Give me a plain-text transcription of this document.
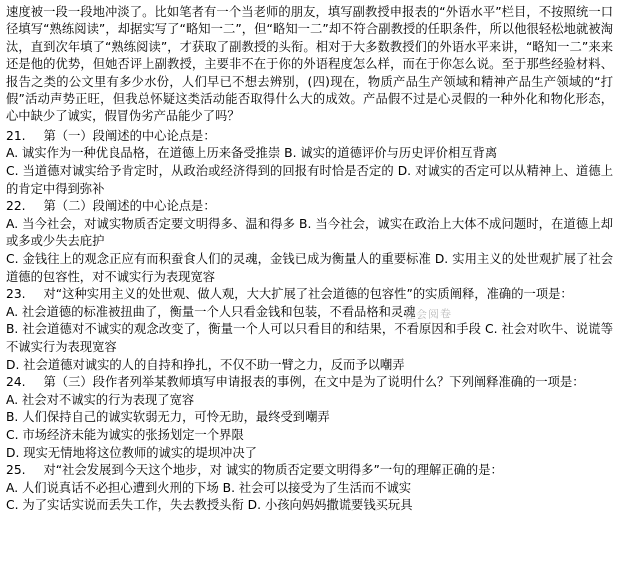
速度被一段一段地冲淡了。比如笔者有一个当老师的朋友，填写副教授申报表的“外语水平”栏目，不按照统一口径填写“熟练阅读”，却据实写了“略知一二”，但“略知一二”却不符合副教授的任职条件，所以他很轻松地就被淘汰，直到次年填了“熟练阅读”，才获取了副教授的头衔。相对于大多数教授们的外语水平来讲，“略知一二”来来还是他的优势，但她否评上副教授，主要非不在于你的外语程度怎么样，而在于你怎么说。至于那些经验材料、报告之类的公文里有多少水份，人们早已不想去辨别，(四)现在，物质产品生产领域和精神产品生产领域的“打假”活动声势正旺，但我总怀疑这类活动能否取得什么大的成效。产品假不过是心灵假的一种外化和物化形态，心中缺少了诚实，假冒伪劣产品能少了吗？
21. 第（一）段阐述的中心论点是：
A. 诚实作为一种优良品格，在道德上历来备受推崇 B. 诚实的道德评价与历史评价相互背离
C. 当道德对诚实给予肯定时，从政治或经济得到的回报有时恰是否定的 D. 对诚实的否定可以从精神上、道德上的肯定中得到弥补
22. 第（二）段阐述的中心论点是：
A. 当今社会，对诚实物质否定要文明得多、温和得多 B. 当今社会，诚实在政治上大体不成问题时，在道德上却或多或少失去庇护
C. 金钱往上的观念正应有而积蚕食人们的灵魂，金钱已成为衡量人的重要标准 D. 实用主义的处世观扩展了社会道德的包容性，对不诚实行为表现宽容
23. 对“这种实用主义的处世观、做人观，大大扩展了社会道德的包容性”的实质阐释，准确的一项是：
A. 社会道德的标准被扭曲了，衡量一个人只看金钱和包装，不看品格和灵魂
B. 社会道德对不诚实的观念改变了，衡量一个人可以只看目的和结果，不看原因和手段 C. 社会对吹牛、说谎等不诚实行为表现宽容
D. 社会道德对诚实的人的自持和挣扎，不仅不助一臂之力，反而予以嘲弄
24. 第（三）段作者列举某教师填写申请报表的事例，在文中是为了说明什么？下列阐释准确的一项是：
A. 社会对不诚实的行为表现了宽容
B. 人们保持自己的诚实软弱无力，可怜无助，最终受到嘲弄
C. 市场经济未能为诚实的张扬划定一个界限
D. 现实无情地将这位教师的诚实的堤坝冲决了
25. 对“社会发展到今天这个地步，对 诚实的物质否定要文明得多”一句的理解正确的是：
A. 人们说真话不必担心遭到火刑的下场 B. 社会可以接受为了生活而不诚实
C. 为了实话实说而丢失工作，失去教授头衔 D. 小孩向妈妈撒谎要钱买玩具
社会阅卷
